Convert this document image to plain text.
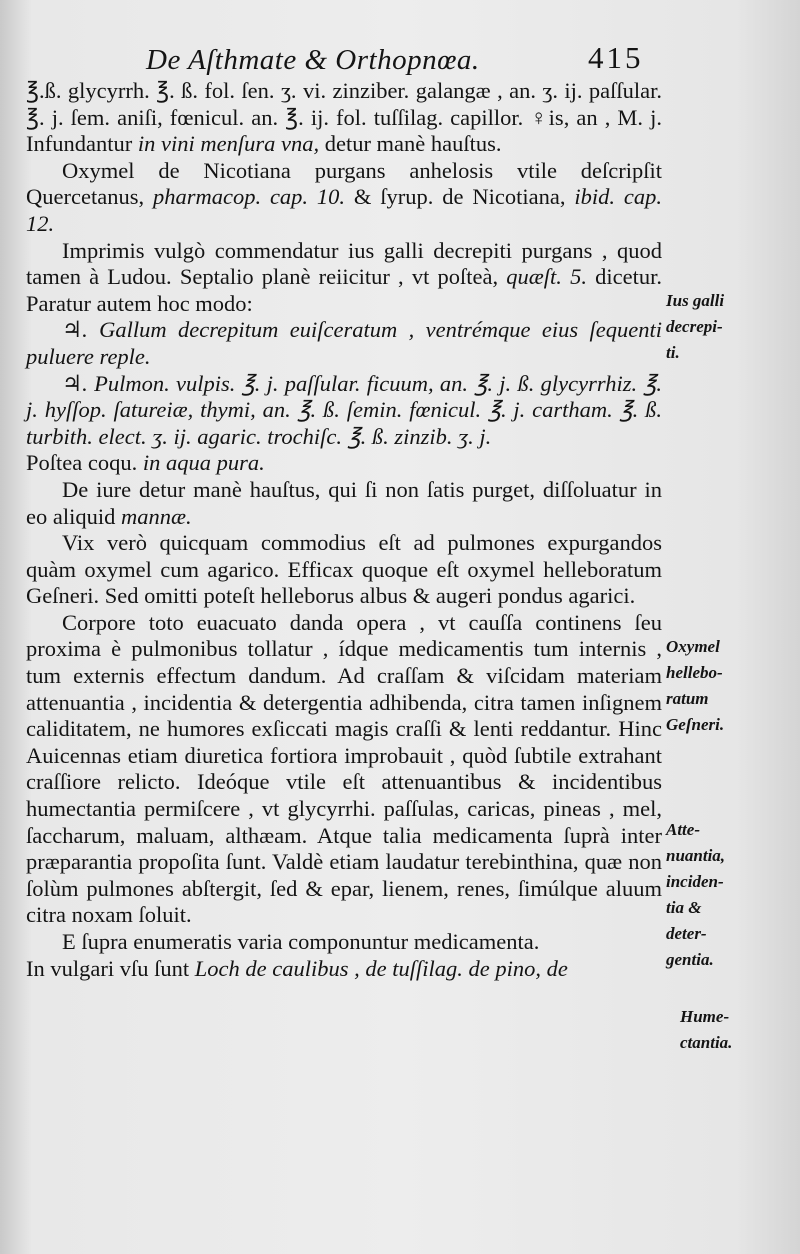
De Aſthmate & Orthopnœa.	415

℥.ß. glycyrrh. ℥. ß. fol. ſen. ʒ. vi. zinziber. galangæ , an. ʒ. ij. paſſular. ℥. j. ſem. aniſi, fœnicul. an. ℥. ij. fol. tuſſilag. capillor. ♀is, an , M. j. Infundantur in vini menſura vna, detur manè hauſtus.

Oxymel de Nicotiana purgans anhelosis vtile deſcripſit Quercetanus, pharmacop. cap. 10. & ſyrup. de Nicotiana, ibid. cap. 12.

Imprimis vulgò commendatur ius galli decrepiti purgans , quod tamen à Ludou. Septalio planè reiicitur , vt poſteà, quæſt. 5. dicetur. Paratur autem hoc modo:

♃. Gallum decrepitum euiſceratum , ventrémque eius ſequenti puluere reple.

♃. Pulmon. vulpis. ℥. j. paſſular. ficuum, an. ℥. j. ß. glycyrrhiz. ℥. j. hyſſop. ſatureiæ, thymi, an. ℥. ß. ſemin. fœnicul. ℥. j. cartham. ℥. ß. turbith. elect. ʒ. ij. agaric. trochiſc. ℥. ß. zinzib. ʒ. j.

Poſtea coqu. in aqua pura.

De iure detur manè hauſtus, qui ſi non ſatis purget, diſſoluatur in eo aliquid mannæ.

Vix verò quicquam commodius eſt ad pulmones expurgandos quàm oxymel cum agarico. Efficax quoque eſt oxymel helleboratum Geſneri. Sed omitti poteſt helleborus albus & augeri pondus agarici.

Corpore toto euacuato danda opera , vt cauſſa continens ſeu proxima è pulmonibus tollatur , ídque medicamentis tum internis , tum externis effectum dandum. Ad craſſam & viſcidam materiam attenuantia , incidentia & detergentia adhibenda, citra tamen inſignem caliditatem, ne humores exſiccati magis craſſi & lenti reddantur. Hinc Auicennas etiam diuretica fortiora improbauit , quòd ſubtile extrahant craſſiore relicto. Ideóque vtile eſt attenuantibus & incidentibus humectantia permiſcere , vt glycyrrhi. paſſulas, caricas, pineas , mel, ſaccharum, maluam, althæam. Atque talia medicamenta ſuprà inter præparantia propoſita ſunt. Valdè etiam laudatur terebinthina, quæ non ſolùm pulmones abſtergit, ſed & epar, lienem, renes, ſimúlque aluum citra noxam ſoluit.

E ſupra enumeratis varia componuntur medicamenta.

In vulgari vſu ſunt Loch de caulibus , de tuſſilag. de pino, de

Ius galli
decrepi-
ti.
Oxymel
hellebo-
ratum
Geſneri.
Atte-
nuantia,
inciden-
tia &
deter-
gentia.
Hume-
ctantia.
